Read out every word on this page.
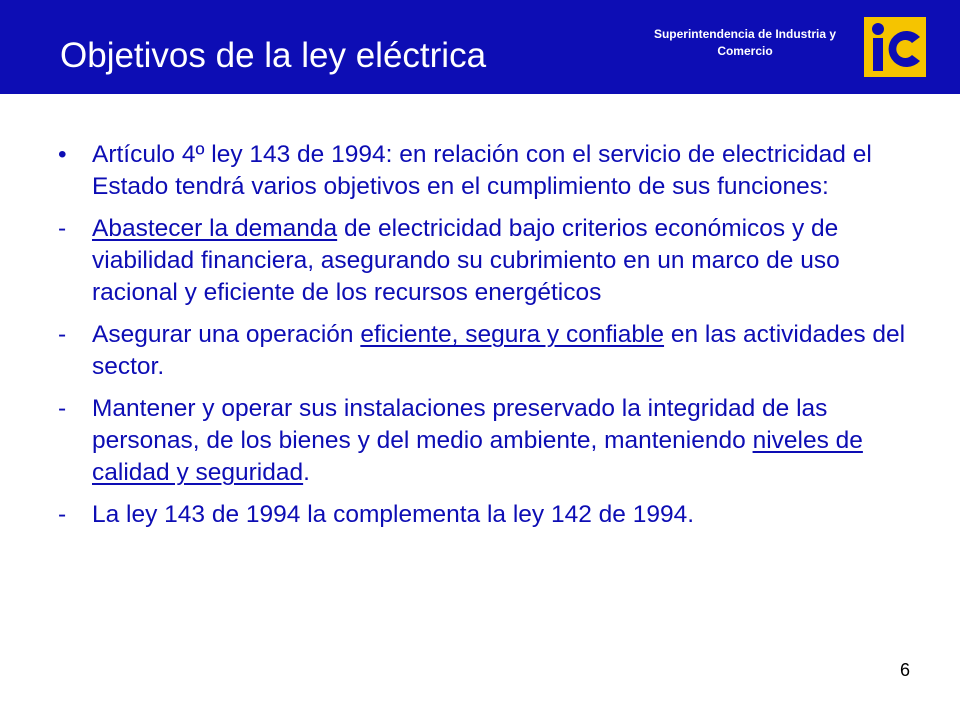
Objetivos de la ley eléctrica
Superintendencia de Industria y
Comercio
• Artículo 4º ley 143 de 1994: en relación con el servicio de electricidad el Estado tendrá varios objetivos en el cumplimiento de sus funciones:
- Abastecer la demanda de electricidad bajo criterios económicos y de viabilidad financiera, asegurando su cubrimiento en un marco de uso racional y eficiente de los recursos energéticos
- Asegurar una operación eficiente, segura y confiable en las actividades del sector.
- Mantener y operar sus instalaciones preservado la integridad de las personas, de los bienes y del medio ambiente, manteniendo niveles de calidad y seguridad.
- La ley 143 de 1994 la complementa la ley 142 de 1994.
6
